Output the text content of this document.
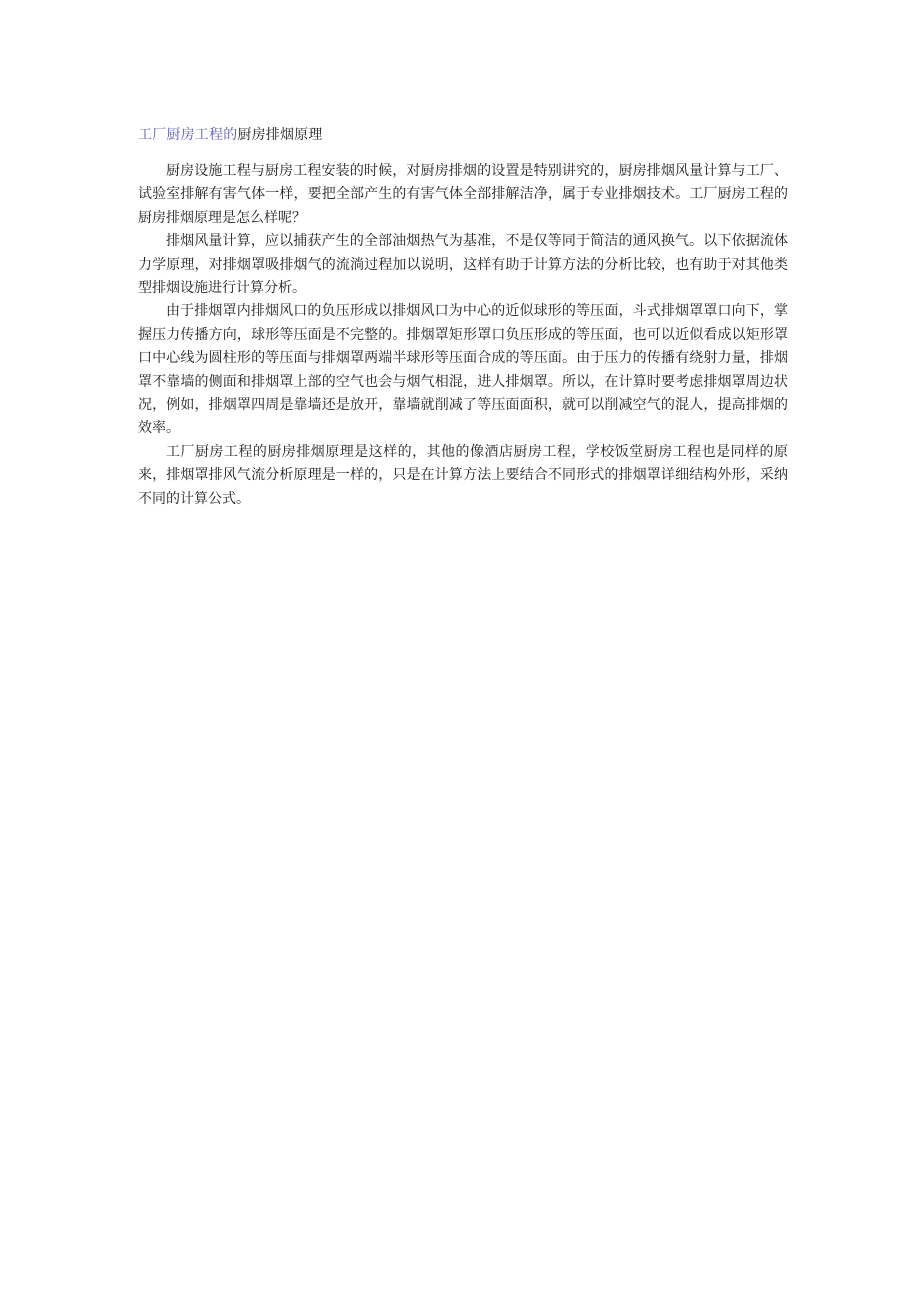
工厂厨房工程的厨房排烟原理

厨房设施工程与厨房工程安装的时候，对厨房排烟的设置是特别讲究的，厨房排烟风量计算与工厂、试验室排解有害气体一样，要把全部产生的有害气体全部排解洁净，属于专业排烟技术。工厂厨房工程的厨房排烟原理是怎么样呢？

排烟风量计算，应以捕获产生的全部油烟热气为基准，不是仅等同于简洁的通风换气。以下依据流体力学原理，对排烟罩吸排烟气的流淌过程加以说明，这样有助于计算方法的分析比较，也有助于对其他类型排烟设施进行计算分析。

由于排烟罩内排烟风口的负压形成以排烟风口为中心的近似球形的等压面，斗式排烟罩罩口向下，掌握压力传播方向，球形等压面是不完整的。排烟罩矩形罩口负压形成的等压面，也可以近似看成以矩形罩口中心线为圆柱形的等压面与排烟罩两端半球形等压面合成的等压面。由于压力的传播有绕射力量，排烟罩不靠墙的侧面和排烟罩上部的空气也会与烟气相混，进人排烟罩。所以，在计算时要考虑排烟罩周边状况，例如，排烟罩四周是靠墙还是放开，靠墙就削减了等压面面积，就可以削减空气的混人，提高排烟的效率。

工厂厨房工程的厨房排烟原理是这样的，其他的像酒店厨房工程，学校饭堂厨房工程也是同样的原来，排烟罩排风气流分析原理是一样的，只是在计算方法上要结合不同形式的排烟罩详细结构外形，采纳不同的计算公式。
